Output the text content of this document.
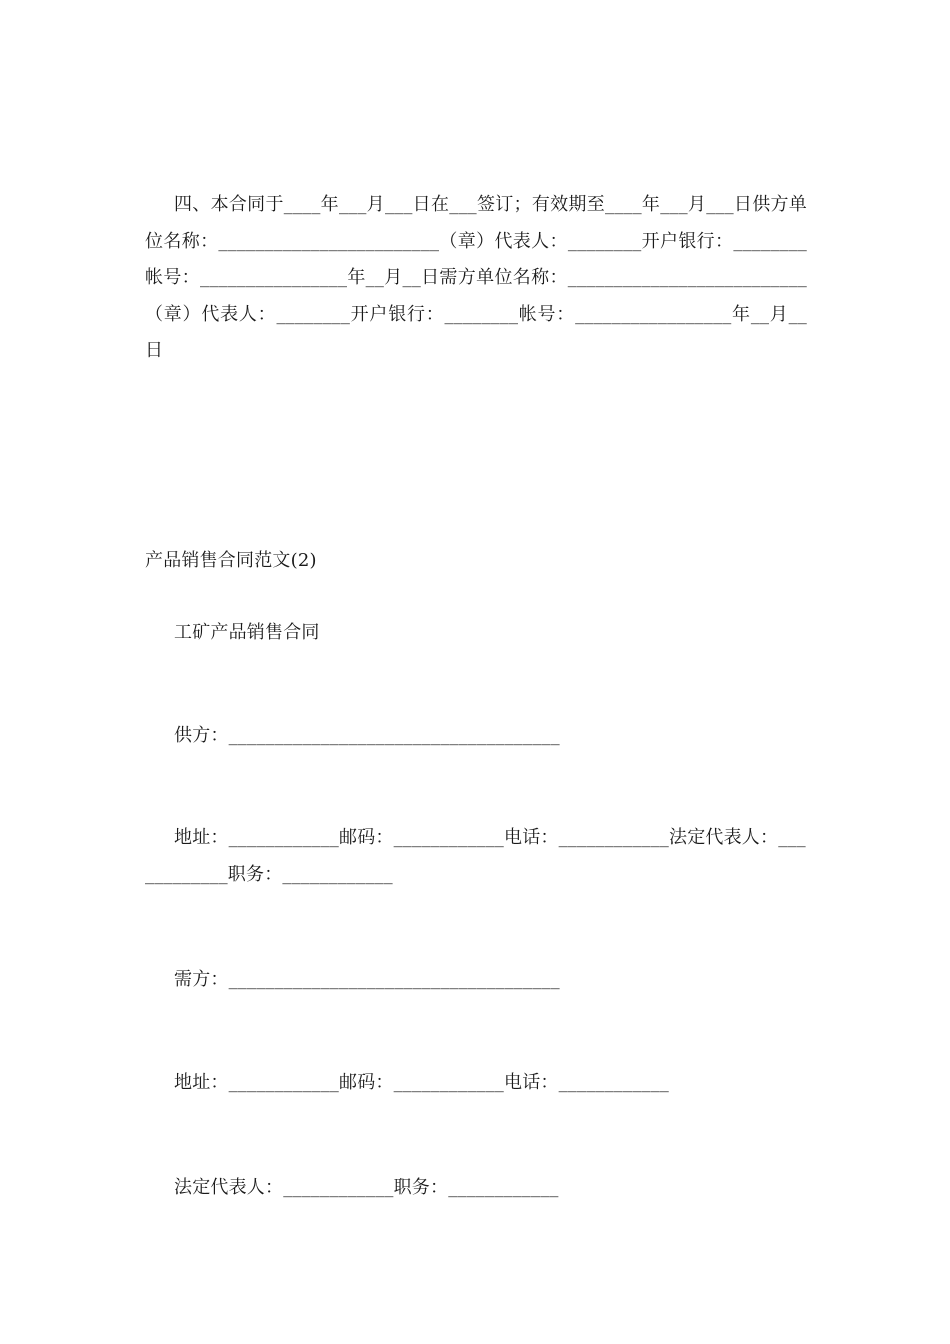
四、本合同于____年___月___日在___签订；有效期至____年___月___日供方单位名称：________________________（章）代表人：________开户银行：________帐号：________________年__月__日需方单位名称：__________________________（章）代表人：________开户银行：________帐号：_________________年__月__日

产品销售合同范文(2)

工矿产品销售合同

供方：____________________________________

地址：____________邮码：____________电话：____________法定代表人：____________职务：____________

需方：____________________________________

地址：____________邮码：____________电话：____________

法定代表人：____________职务：____________
